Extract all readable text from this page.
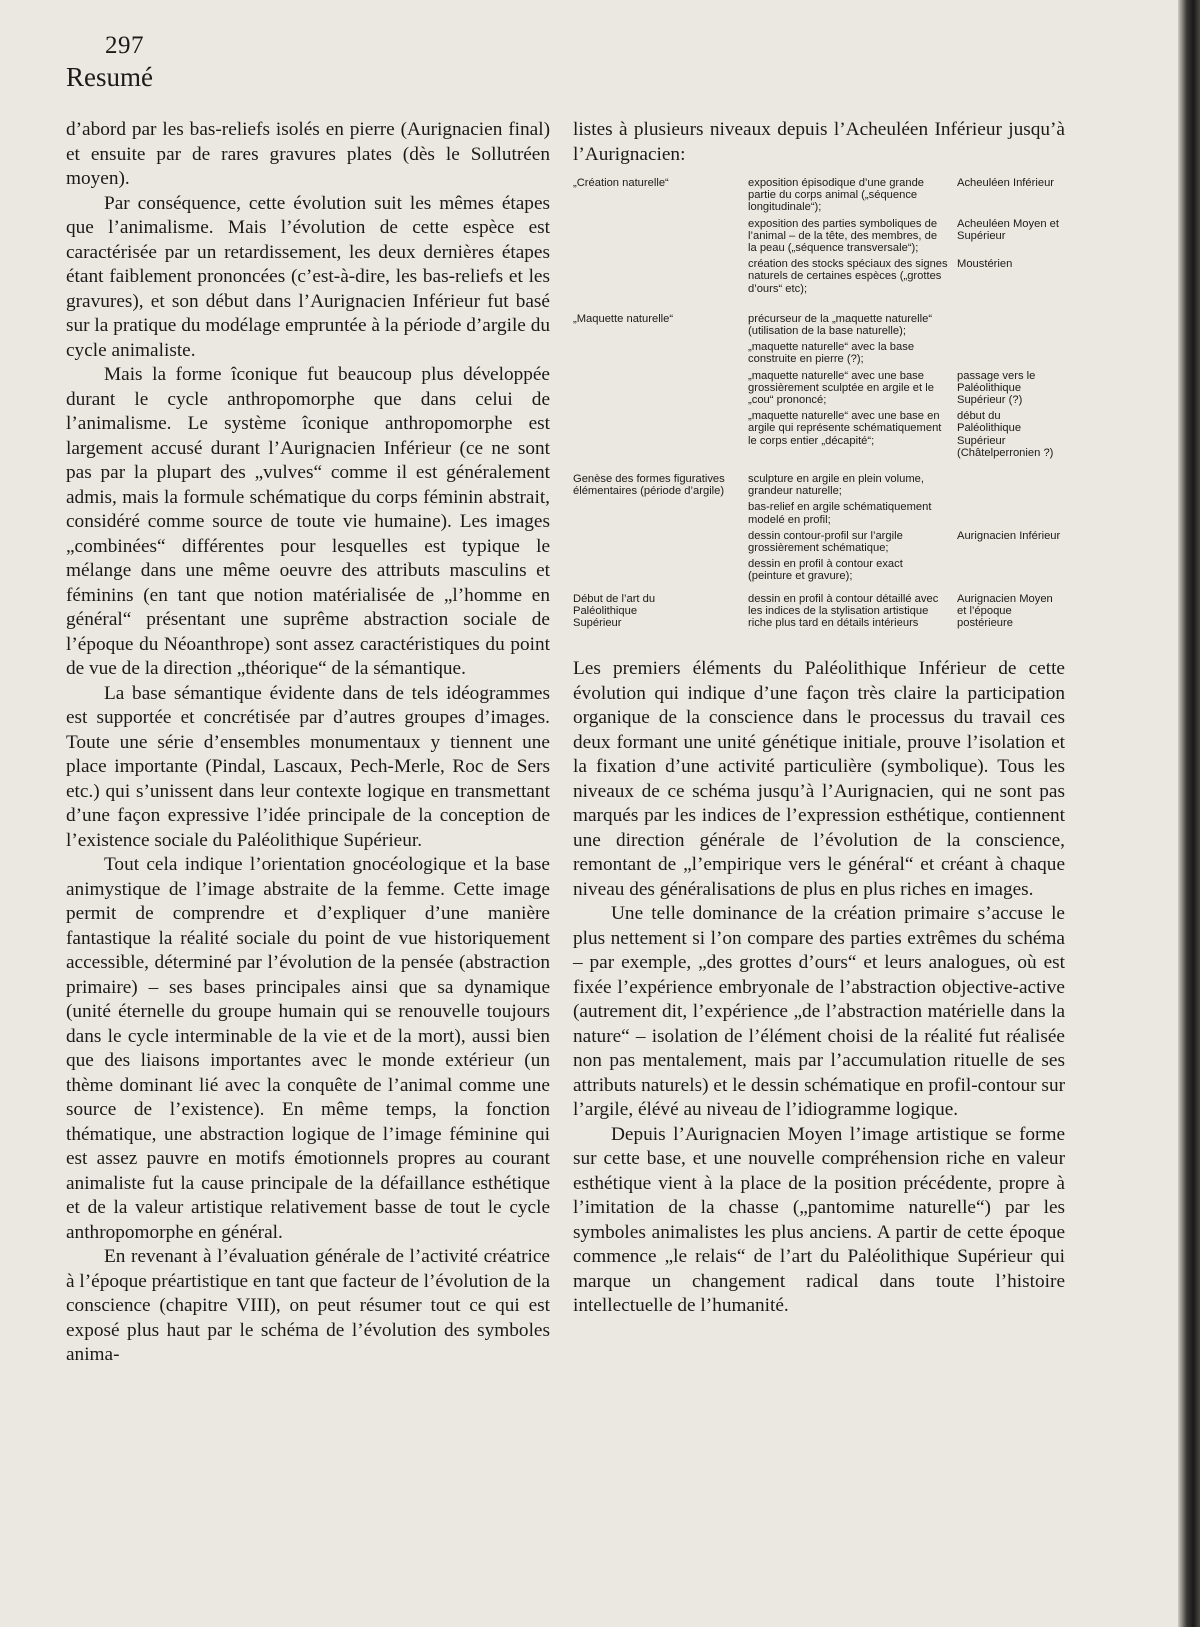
297
Resumé

d’abord par les bas-reliefs isolés en pierre (Aurignacien final) et ensuite par de rares gravures plates (dès le Sollutréen moyen).

Par conséquence, cette évolution suit les mêmes étapes que l’animalisme. Mais l’évolution de cette espèce est caractérisée par un retardissement, les deux dernières étapes étant faiblement prononcées (c’est-à-dire, les bas-reliefs et les gravures), et son début dans l’Aurignacien Inférieur fut basé sur la pratique du modélage empruntée à la période d’argile du cycle animaliste.

Mais la forme îconique fut beaucoup plus déνeloppée durant le cycle anthropomorphe que dans celui de l’animalisme. Le système îconique anthropomorphe est largement accusé durant l’Aurignacien Inférieur (ce ne sont pas par la plupart des „vulves“ comme il est généralement admis, mais la formule schématique du corps féminin abstrait, considéré comme source de toute vie humaine). Les images „combinées“ différentes pour lesquelles est typique le mélange dans une même oeuvre des attributs masculins et féminins (en tant que notion matérialisée de „l’homme en général“ présentant une suprême abstraction sociale de l’époque du Néoanthrope) sont assez caractéristiques du point de vue de la direction „théorique“ de la sémantique.

La base sémantique évidente dans de tels idéogrammes est supportée et concrétisée par d’autres groupes d’images. Toute une série d’ensembles monumentaux y tiennent une place importante (Pindal, Lascaux, Pech-Merle, Roc de Sers etc.) qui s’unissent dans leur contexte logique en transmettant d’une façon expressive l’idée principale de la conception de l’existence sociale du Paléolithique Supérieur.

Tout cela indique l’orientation gnocéologique et la base animystique de l’image abstraite de la femme. Cette image permit de comprendre et d’expliquer d’une manière fantastique la réalité sociale du point de vue historiquement accessible, déterminé par l’évolution de la pensée (abstraction primaire) – ses bases principales ainsi que sa dynamique (unité éternelle du groupe humain qui se renouvelle toujours dans le cycle interminable de la vie et de la mort), aussi bien que des liaisons importantes avec le monde extérieur (un thème dominant lié avec la conquête de l’animal comme une source de l’existence). En même temps, la fonction thématique, une abstraction logique de l’image féminine qui est assez pauvre en motifs émotionnels propres au courant animaliste fut la cause principale de la défaillance esthétique et de la valeur artistique relativement basse de tout le cycle anthropomorphe en général.

En revenant à l’évaluation générale de l’activité créatrice à l’époque préartistique en tant que facteur de l’évolution de la conscience (chapitre VIII), on peut résumer tout ce qui est exposé plus haut par le schéma de l’évolution des symboles anima-

listes à plusieurs niveaux depuis l’Acheuléen Inférieur jusqu’à l’Aurignacien:

„Création naturelle“	exposition épisodique d’une grande partie du corps animal („séquence longitudinale“);
Acheuléen Inférieur
exposition des parties symboliques de l’animal – de la tête, des membres, de la peau („séquence transversale“);
Acheuléen Moyen et Supérieur
création des stocks spéciaux des signes naturels de certaines espèces („grottes d’ours“ etc);
Moustérien
„Maquette naturelle“	précurseur de la „maquette naturelle“ (utilisation de la base naturelle);
„maquette naturelle“ avec la base construite en pierre (?);
„maquette naturelle“ avec une base grossièrement sculptée en argile et le „cou“ prononcé;
passage vers le Paléolithique Supérieur (?)
„maquette naturelle“ avec une base en argile qui représente schématiquement le corps entier „décapité“;
début du Paléolithique Supérieur (Châtelperronien ?)
Genèse des formes figuratives élémentaires (période d’argile)
sculpture en argile en plein volume, grandeur naturelle;
bas-relief en argile schématiquement modelé en profil;
dessin contour-profil sur l’argile grossièrement schématique;
Aurignacien Inférieur
dessin en profil à contour exact (peinture et gravure);
Début de l’art du Paléolithique Supérieur
dessin en profil à contour détaillé avec les indices de la stylisation artistique riche plus tard en détails intérieurs
Aurignacien Moyen et l’époque postérieure

Les premiers éléments du Paléolithique Inférieur de cette évolution qui indique d’une façon très claire la participation organique de la conscience dans le processus du travail ces deux formant une unité génétique initiale, prouve l’isolation et la fixation d’une activité particulière (symbolique). Tous les niveaux de ce schéma jusqu’à l’Aurignacien, qui ne sont pas marqués par les indices de l’expression esthétique, contiennent une direction générale de l’évolution de la conscience, remontant de „l’empirique vers le général“ et créant à chaque niveau des généralisations de plus en plus riches en images.

Une telle dominance de la création primaire s’accuse le plus nettement si l’on compare des parties extrêmes du schéma – par exemple, „des grottes d’ours“ et leurs analogues, où est fixée l’expérience embryonale de l’abstraction objective-active (autrement dit, l’expérience „de l’abstraction matérielle dans la nature“ – isolation de l’élément choisi de la réalité fut réalisée non pas mentalement, mais par l’accumulation rituelle de ses attributs naturels) et le dessin schématique en profil-contour sur l’argile, élévé au niveau de l’idiogramme logique.

Depuis l’Aurignacien Moyen l’image artistique se forme sur cette base, et une nouvelle compréhension riche en valeur esthétique vient à la place de la position précédente, propre à l’imitation de la chasse („pantomime naturelle“) par les symboles animalistes les plus anciens. A partir de cette époque commence „le relais“ de l’art du Paléolithique Supérieur qui marque un changement radical dans toute l’histoire intellectuelle de l’humanité.
